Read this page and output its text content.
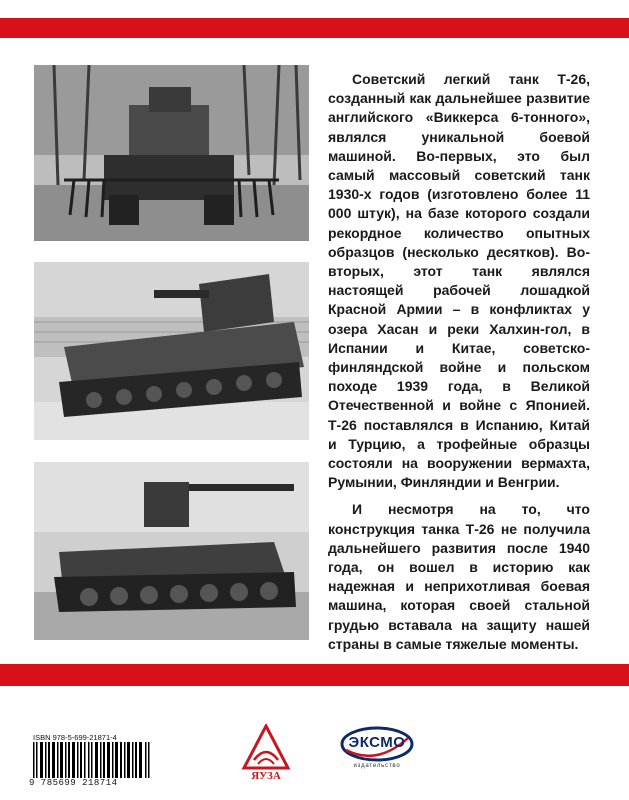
Советский легкий танк Т-26, созданный как дальнейшее развитие английского «Виккерса 6-тонного», являлся уникальной боевой машиной. Во-первых, это был самый массовый советский танк 1930-х годов (изготовлено более 11 000 штук), на базе которого создали рекордное количество опытных образцов (несколько десятков). Во-вторых, этот танк являлся настоящей рабочей лошадкой Красной Армии – в конфликтах у озера Хасан и реки Халхин-гол, в Испании и Китае, советско-финляндской войне и польском походе 1939 года, в Великой Отечественной и войне с Японией. Т-26 поставлялся в Испанию, Китай и Турцию, а трофейные образцы состояли на вооружении вермахта, Румынии, Финляндии и Венгрии.

И несмотря на то, что конструкция танка Т-26 не получила дальнейшего развития после 1940 года, он вошел в историю как надежная и неприхотливая боевая машина, которая своей стальной грудью вставала на защиту нашей страны в самые тяжелые моменты.

ISBN 978-5-699-21871-4
9 785699 218714
ЯУЗА
ЭКСМО
издательство
